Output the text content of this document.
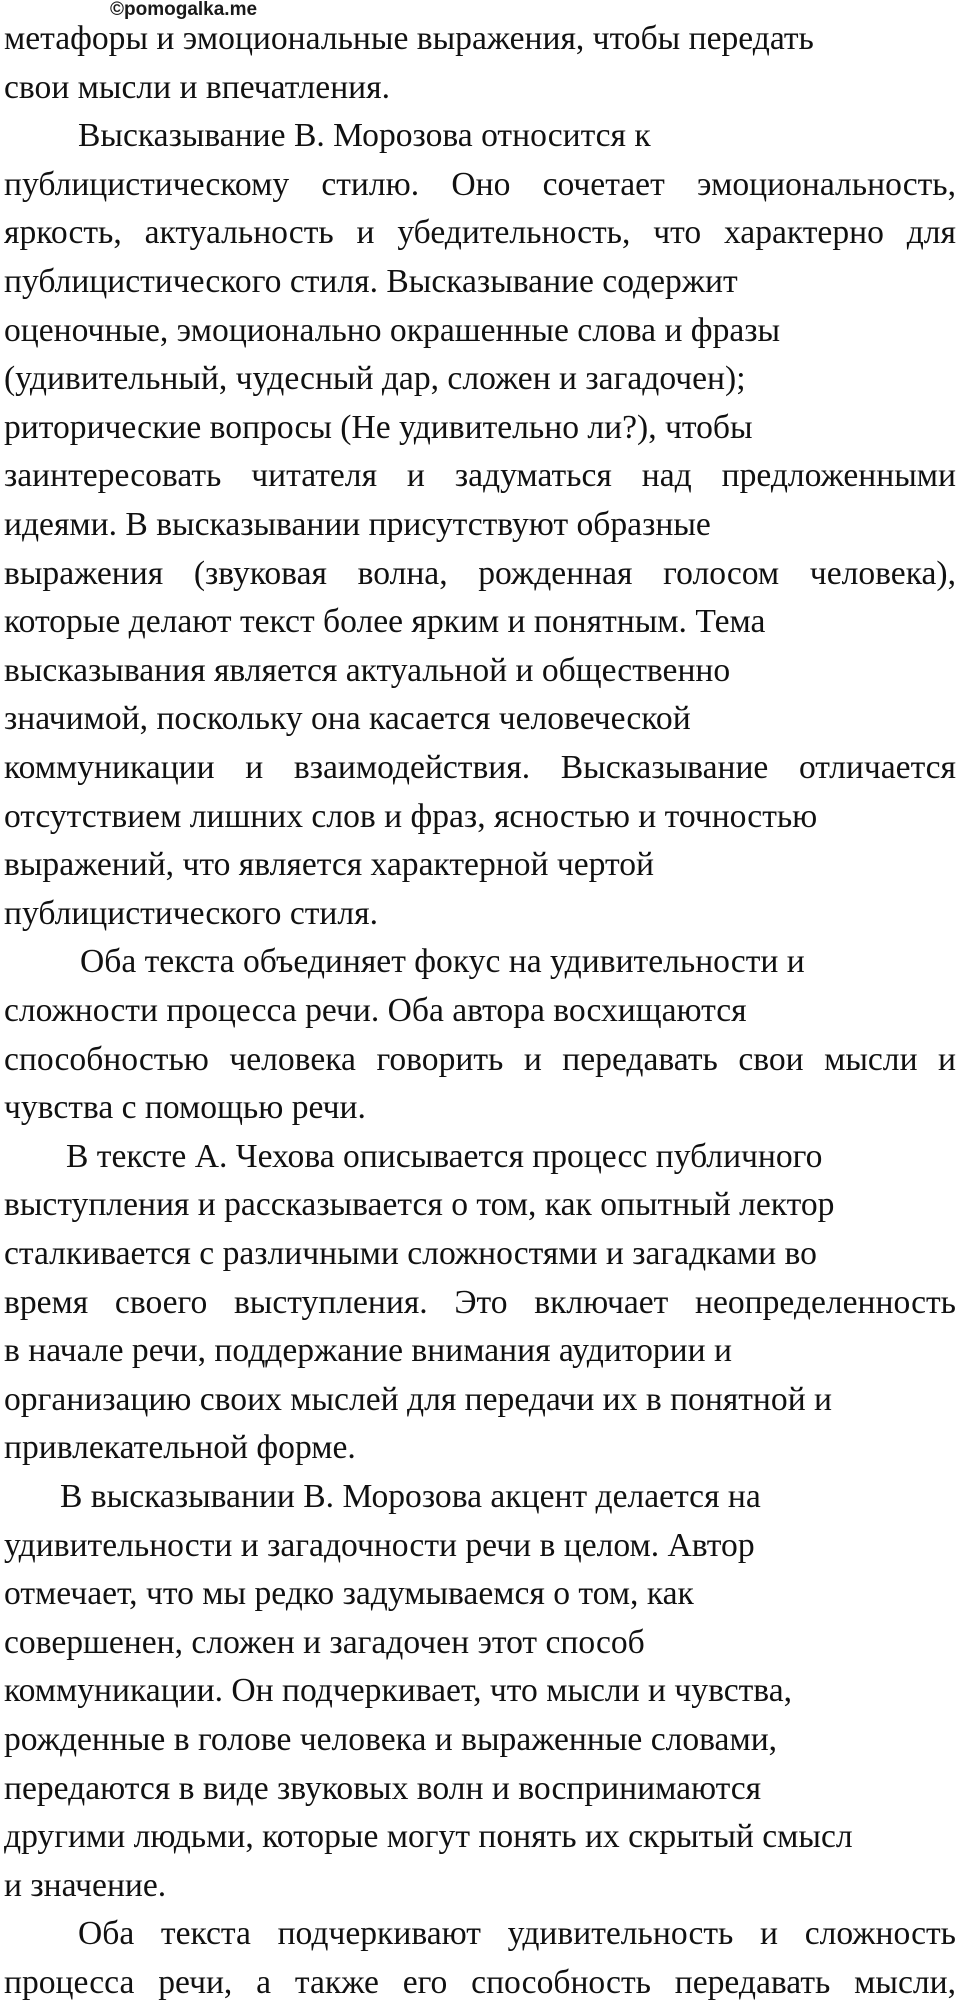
©pomogalka.me
метафоры и эмоциональные выражения, чтобы передать
свои мысли и впечатления.
Высказывание В. Морозова относится к
публицистическому стилю. Оно сочетает эмоциональность,
яркость, актуальность и убедительность, что характерно для
публицистического стиля. Высказывание содержит
оценочные, эмоционально окрашенные слова и фразы
(удивительный, чудесный дар, сложен и загадочен);
риторические вопросы (Не удивительно ли?), чтобы
заинтересовать читателя и задуматься над предложенными
идеями. В высказывании присутствуют образные
выражения (звуковая волна, рожденная голосом человека),
которые делают текст более ярким и понятным. Тема
высказывания является актуальной и общественно
значимой, поскольку она касается человеческой
коммуникации и взаимодействия. Высказывание отличается
отсутствием лишних слов и фраз, ясностью и точностью
выражений, что является характерной чертой
публицистического стиля.
Оба текста объединяет фокус на удивительности и
сложности процесса речи. Оба автора восхищаются
способностью человека говорить и передавать свои мысли и
чувства с помощью речи.
В тексте А. Чехова описывается процесс публичного
выступления и рассказывается о том, как опытный лектор
сталкивается с различными сложностями и загадками во
время своего выступления. Это включает неопределенность
в начале речи, поддержание внимания аудитории и
организацию своих мыслей для передачи их в понятной и
привлекательной форме.
В высказывании В. Морозова акцент делается на
удивительности и загадочности речи в целом. Автор
отмечает, что мы редко задумываемся о том, как
совершенен, сложен и загадочен этот способ
коммуникации. Он подчеркивает, что мысли и чувства,
рожденные в голове человека и выраженные словами,
передаются в виде звуковых волн и воспринимаются
другими людьми, которые могут понять их скрытый смысл
и значение.
Оба текста подчеркивают удивительность и сложность
процесса речи, а также его способность передавать мысли,
